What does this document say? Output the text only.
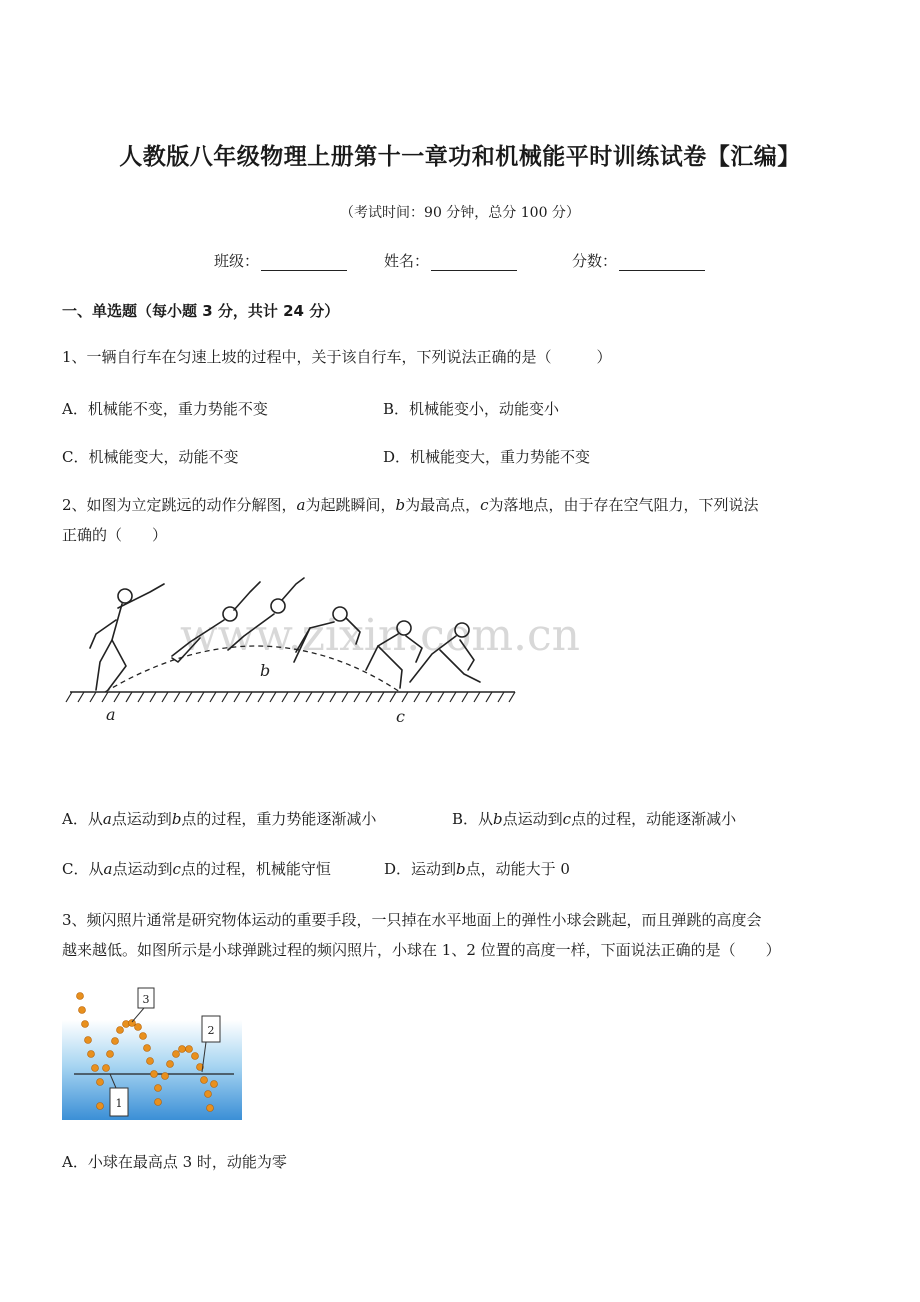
人教版八年级物理上册第十一章功和机械能平时训练试卷【汇编】
（考试时间：90 分钟，总分 100 分）
班级：	姓名：	分数：
一、单选题（每小题 3 分，共计 24 分）
1、一辆自行车在匀速上坡的过程中，关于该自行车，下列说法正确的是（　　　）
A．机械能不变，重力势能不变	B．机械能变小，动能变小
C．机械能变大，动能不变	D．机械能变大，重力势能不变
2、如图为立定跳远的动作分解图，a为起跳瞬间，b为最高点，c为落地点，由于存在空气阻力，下列说法
正确的（　　）
www.zixin.com.cn
b
a	c
A．从a点运动到b点的过程，重力势能逐渐减小	B．从b点运动到c点的过程，动能逐渐减小
C．从a点运动到c点的过程，机械能守恒	D．运动到b点，动能大于 0
3、频闪照片通常是研究物体运动的重要手段，一只掉在水平地面上的弹性小球会跳起，而且弹跳的高度会
越来越低。如图所示是小球弹跳过程的频闪照片，小球在 1、2 位置的高度一样，下面说法正确的是（　　）
3
2
1
A．小球在最高点 3 时，动能为零
